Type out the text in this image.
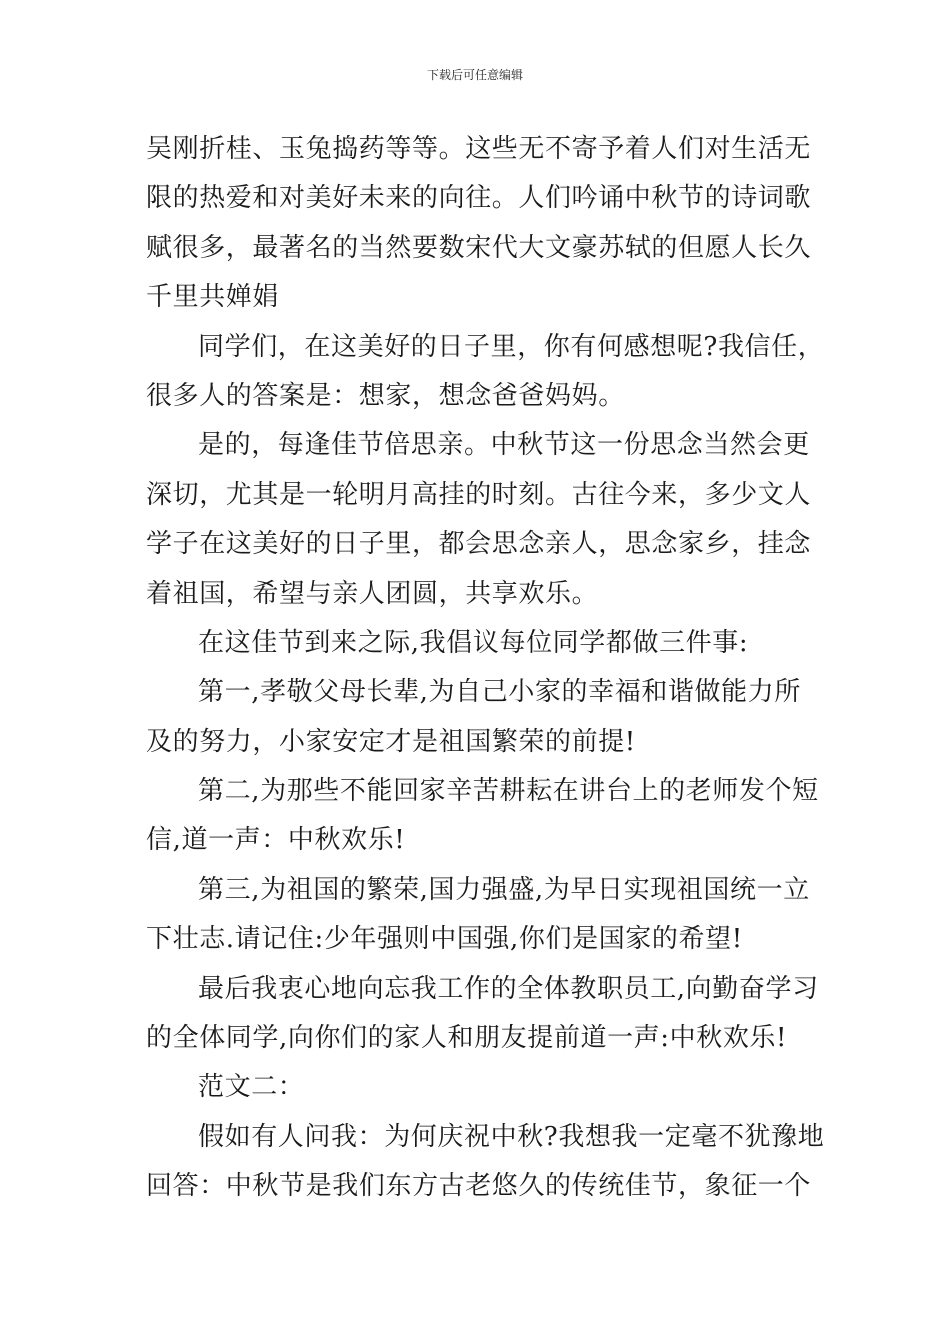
下载后可任意编辑
吴刚折桂、玉兔捣药等等。这些无不寄予着人们对生活无
限的热爱和对美好未来的向往。人们吟诵中秋节的诗词歌
赋很多，最著名的当然要数宋代大文豪苏轼的但愿人长久
千里共婵娟
同学们，在这美好的日子里，你有何感想呢?我信任，
很多人的答案是：想家，想念爸爸妈妈。
是的，每逢佳节倍思亲。中秋节这一份思念当然会更
深切，尤其是一轮明月高挂的时刻。古往今来，多少文人
学子在这美好的日子里，都会思念亲人，思念家乡，挂念
着祖国，希望与亲人团圆，共享欢乐。
在这佳节到来之际,我倡议每位同学都做三件事:
第一,孝敬父母长辈,为自己小家的幸福和谐做能力所
及的努力，小家安定才是祖国繁荣的前提!
第二,为那些不能回家辛苦耕耘在讲台上的老师发个短
信,道一声：中秋欢乐!
第三,为祖国的繁荣,国力强盛,为早日实现祖国统一立
下壮志.请记住:少年强则中国强,你们是国家的希望!
最后我衷心地向忘我工作的全体教职员工,向勤奋学习
的全体同学,向你们的家人和朋友提前道一声:中秋欢乐!
范文二：
假如有人问我：为何庆祝中秋?我想我一定毫不犹豫地
回答：中秋节是我们东方古老悠久的传统佳节，象征一个
